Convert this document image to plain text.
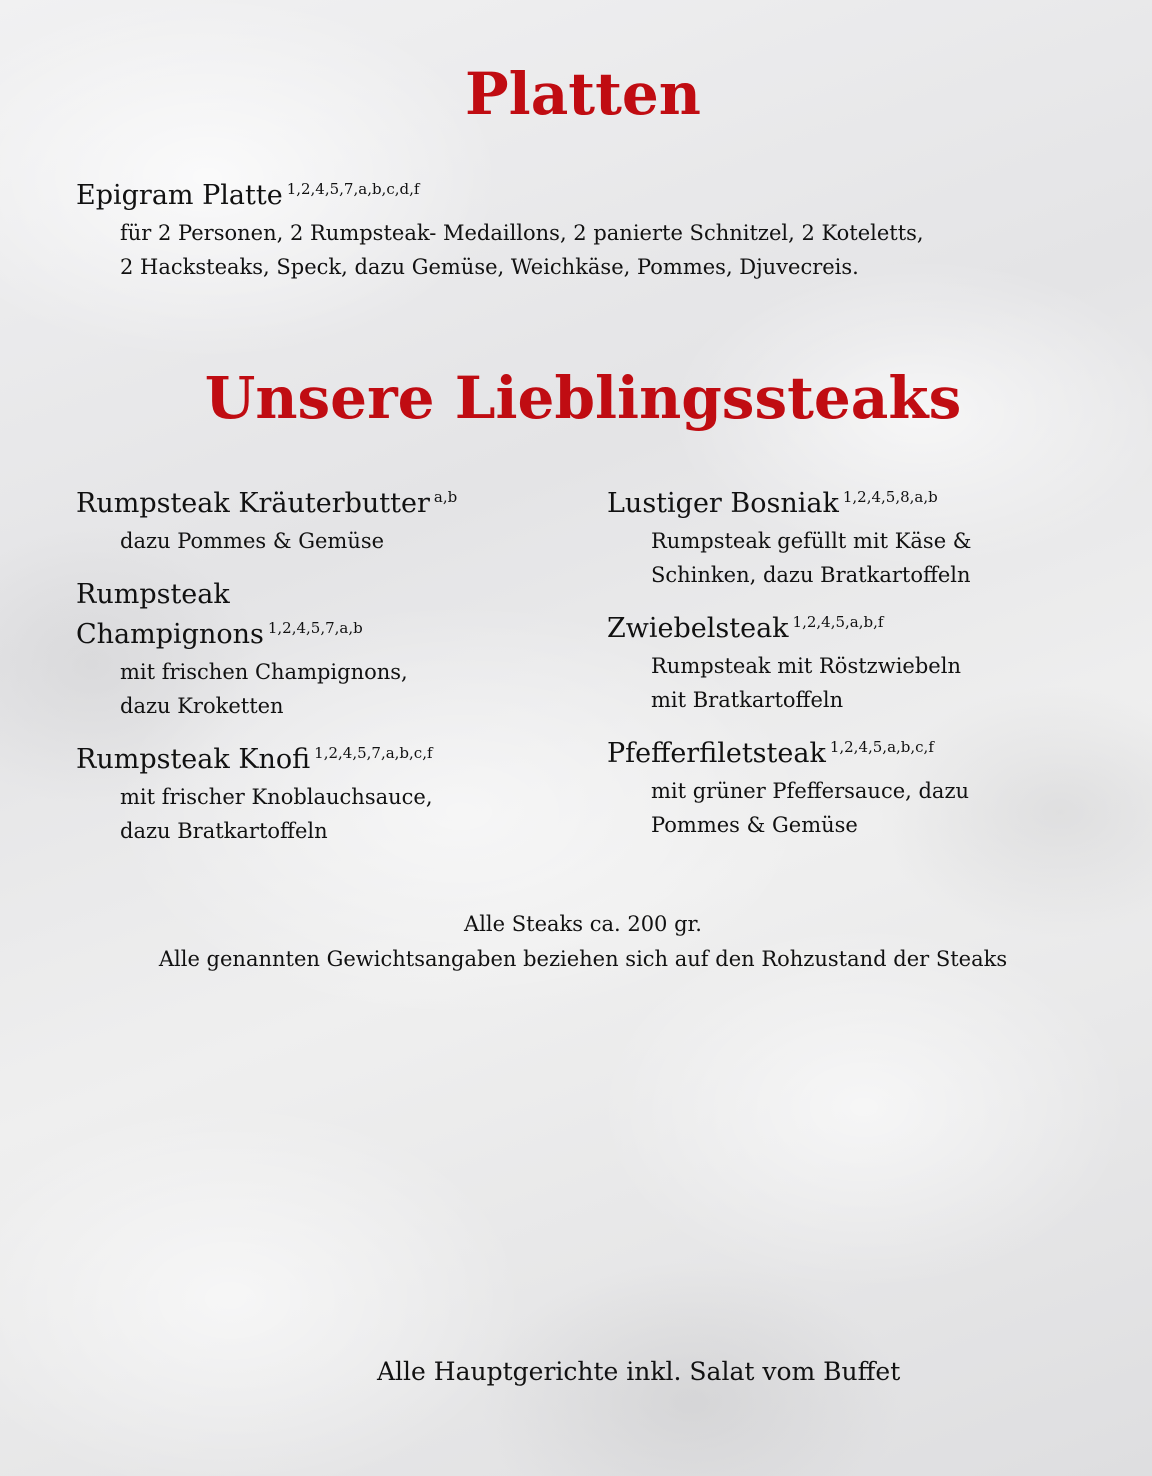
Platten
Epigram Platte $^{1,2,4,5,7,a,b,c,d,f}$
für 2 Personen, 2 Rumpsteak- Medaillons, 2 panierte Schnitzel, 2 Koteletts,
2 Hacksteaks, Speck, dazu Gemüse, Weichkäse, Pommes, Djuvecreis.
Unsere Lieblingssteaks
Rumpsteak Kräuterbutter $^{a,b}$
dazu Pommes & Gemüse
Rumpsteak
Champignons $^{1,2,4,5,7,a,b}$
mit frischen Champignons,
dazu Kroketten
Rumpsteak Knofi $^{1,2,4,5,7,a,b,c,f}$
mit frischer Knoblauchsauce,
dazu Bratkartoffeln
Lustiger Bosniak $^{1,2,4,5,8,a,b}$
Rumpsteak gefüllt mit Käse &
Schinken, dazu Bratkartoffeln
Zwiebelsteak $^{1,2,4,5,a,b,f}$
Rumpsteak mit Röstzwiebeln
mit Bratkartoffeln
Pfefferfiletsteak $^{1,2,4,5,a,b,c,f}$
mit grüner Pfeffersauce, dazu
Pommes & Gemüse
Alle Steaks ca. 200 gr.
Alle genannten Gewichtsangaben beziehen sich auf den Rohzustand der Steaks
Alle Hauptgerichte inkl. Salat vom Buffet
